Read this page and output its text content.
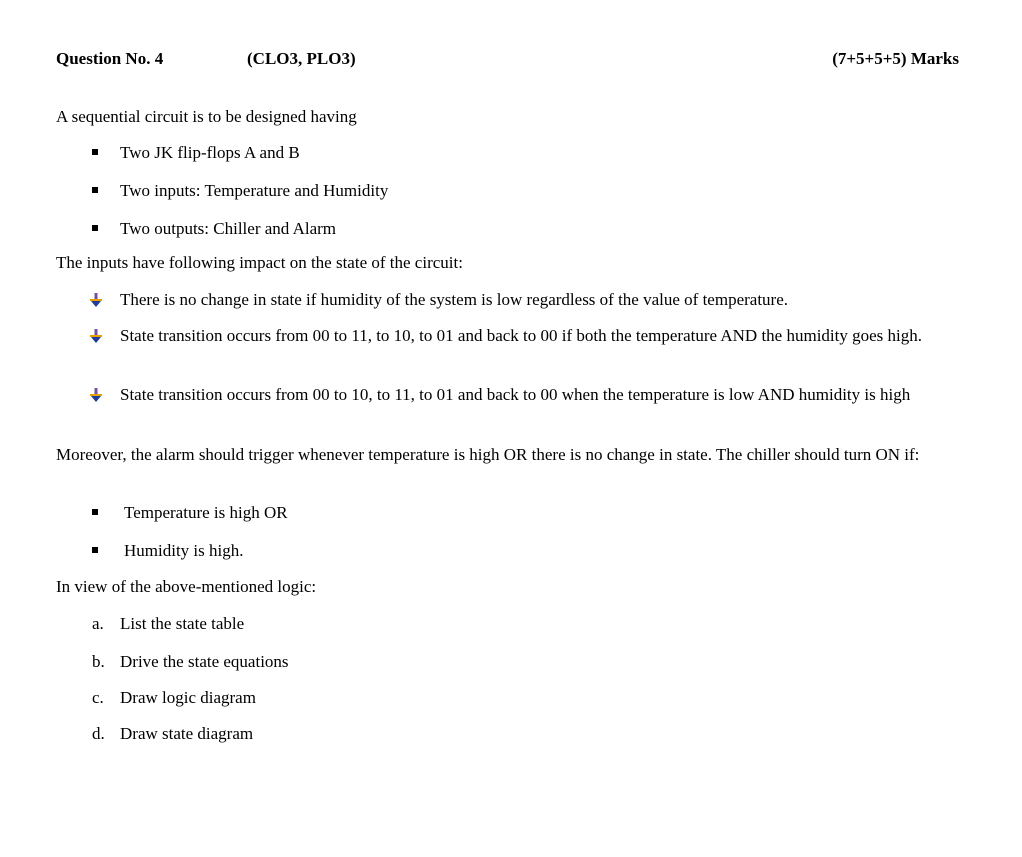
Question No. 4	(CLO3, PLO3)	(7+5+5+5) Marks
A sequential circuit is to be designed having
Two JK flip-flops A and B
Two inputs: Temperature and Humidity
Two outputs: Chiller and Alarm
The inputs have following impact on the state of the circuit:
There is no change in state if humidity of the system is low regardless of the value of temperature.
State transition occurs from 00 to 11, to 10, to 01 and back to 00 if both the temperature AND the humidity goes high.
State transition occurs from 00 to 10, to 11, to 01 and back to 00 when the temperature is low AND humidity is high
Moreover, the alarm should trigger whenever temperature is high OR there is no change in state. The chiller should turn ON if:
Temperature is high OR
Humidity is high.
In view of the above-mentioned logic:
a. List the state table
b. Drive the state equations
c. Draw logic diagram
d. Draw state diagram
